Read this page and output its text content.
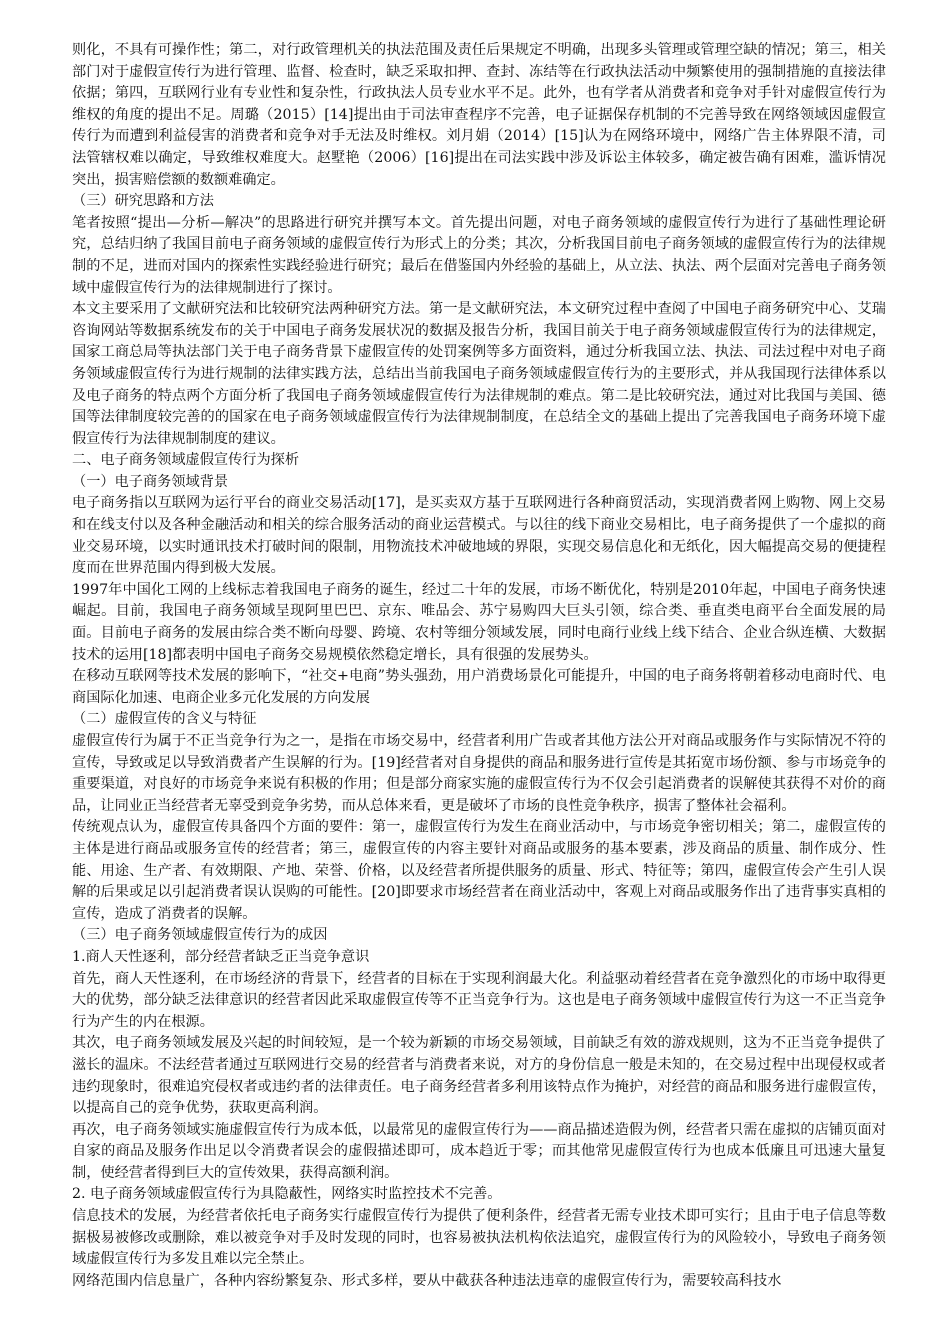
则化，不具有可操作性；第二，对行政管理机关的执法范围及责任后果规定不明确，出现多头管理或管理空缺的情况；第三，相关部门对于虚假宣传行为进行管理、监督、检查时，缺乏采取扣押、查封、冻结等在行政执法活动中频繁使用的强制措施的直接法律依据；第四，互联网行业有专业性和复杂性，行政执法人员专业水平不足。此外，也有学者从消费者和竞争对手针对虚假宣传行为维权的角度的提出不足。周璐（2015）[14]提出由于司法审查程序不完善，电子证据保存机制的不完善导致在网络领域因虚假宣传行为而遭到利益侵害的消费者和竞争对手无法及时维权。刘月娟（2014）[15]认为在网络环境中，网络广告主体界限不清，司法管辖权难以确定，导致维权难度大。赵墅艳（2006）[16]提出在司法实践中涉及诉讼主体较多，确定被告确有困难，滥诉情况突出，损害赔偿额的数额难确定。

（三）研究思路和方法

笔者按照“提出—分析—解决”的思路进行研究并撰写本文。首先提出问题，对电子商务领域的虚假宣传行为进行了基础性理论研究，总结归纳了我国目前电子商务领域的虚假宣传行为形式上的分类；其次，分析我国目前电子商务领域的虚假宣传行为的法律规制的不足，进而对国内的探索性实践经验进行研究；最后在借鉴国内外经验的基础上，从立法、执法、两个层面对完善电子商务领域中虚假宣传行为的法律规制进行了探讨。

本文主要采用了文献研究法和比较研究法两种研究方法。第一是文献研究法，本文研究过程中查阅了中国电子商务研究中心、艾瑞咨询网站等数据系统发布的关于中国电子商务发展状况的数据及报告分析，我国目前关于电子商务领域虚假宣传行为的法律规定，国家工商总局等执法部门关于电子商务背景下虚假宣传的处罚案例等多方面资料，通过分析我国立法、执法、司法过程中对电子商务领域虚假宣传行为进行规制的法律实践方法，总结出当前我国电子商务领域虚假宣传行为的主要形式，并从我国现行法律体系以及电子商务的特点两个方面分析了我国电子商务领域虚假宣传行为法律规制的难点。第二是比较研究法，通过对比我国与美国、德国等法律制度较完善的的国家在电子商务领域虚假宣传行为法律规制制度，在总结全文的基础上提出了完善我国电子商务环境下虚假宣传行为法律规制制度的建议。

二、电子商务领域虚假宣传行为探析

（一）电子商务领域背景

电子商务指以互联网为运行平台的商业交易活动[17]，是买卖双方基于互联网进行各种商贸活动，实现消费者网上购物、网上交易和在线支付以及各种金融活动和相关的综合服务活动的商业运营模式。与以往的线下商业交易相比，电子商务提供了一个虚拟的商业交易环境，以实时通讯技术打破时间的限制，用物流技术冲破地域的界限，实现交易信息化和无纸化，因大幅提高交易的便捷程度而在世界范围内得到极大发展。

1997年中国化工网的上线标志着我国电子商务的诞生，经过二十年的发展，市场不断优化，特别是2010年起，中国电子商务快速崛起。目前，我国电子商务领域呈现阿里巴巴、京东、唯品会、苏宁易购四大巨头引领，综合类、垂直类电商平台全面发展的局面。目前电子商务的发展由综合类不断向母婴、跨境、农村等细分领域发展，同时电商行业线上线下结合、企业合纵连横、大数据技术的运用[18]都表明中国电子商务交易规模依然稳定增长，具有很强的发展势头。

在移动互联网等技术发展的影响下，“社交+电商”势头强劲，用户消费场景化可能提升，中国的电子商务将朝着移动电商时代、电商国际化加速、电商企业多元化发展的方向发展

（二）虚假宣传的含义与特征

虚假宣传行为属于不正当竞争行为之一，是指在市场交易中，经营者利用广告或者其他方法公开对商品或服务作与实际情况不符的宣传，导致或足以导致消费者产生误解的行为。[19]经营者对自身提供的商品和服务进行宣传是其拓宽市场份额、参与市场竞争的重要渠道，对良好的市场竞争来说有积极的作用；但是部分商家实施的虚假宣传行为不仅会引起消费者的误解使其获得不对价的商品，让同业正当经营者无辜受到竞争劣势，而从总体来看，更是破坏了市场的良性竞争秩序，损害了整体社会福利。

传统观点认为，虚假宣传具备四个方面的要件：第一，虚假宣传行为发生在商业活动中，与市场竞争密切相关；第二，虚假宣传的主体是进行商品或服务宣传的经营者；第三，虚假宣传的内容主要针对商品或服务的基本要素，涉及商品的质量、制作成分、性能、用途、生产者、有效期限、产地、荣誉、价格，以及经营者所提供服务的质量、形式、特征等；第四，虚假宣传会产生引人误解的后果或足以引起消费者误认误购的可能性。[20]即要求市场经营者在商业活动中，客观上对商品或服务作出了违背事实真相的宣传，造成了消费者的误解。

（三）电子商务领域虚假宣传行为的成因

1.商人天性逐利，部分经营者缺乏正当竞争意识

首先，商人天性逐利，在市场经济的背景下，经营者的目标在于实现利润最大化。利益驱动着经营者在竞争激烈化的市场中取得更大的优势，部分缺乏法律意识的经营者因此采取虚假宣传等不正当竞争行为。这也是电子商务领域中虚假宣传行为这一不正当竞争行为产生的内在根源。

其次，电子商务领域发展及兴起的时间较短，是一个较为新颖的市场交易领域，目前缺乏有效的游戏规则，这为不正当竞争提供了滋长的温床。不法经营者通过互联网进行交易的经营者与消费者来说，对方的身份信息一般是未知的，在交易过程中出现侵权或者违约现象时，很难追究侵权者或违约者的法律责任。电子商务经营者多利用该特点作为掩护，对经营的商品和服务进行虚假宣传，以提高自己的竞争优势，获取更高利润。

再次，电子商务领域实施虚假宣传行为成本低，以最常见的虚假宣传行为——商品描述造假为例，经营者只需在虚拟的店铺页面对自家的商品及服务作出足以令消费者误会的虚假描述即可，成本趋近于零；而其他常见虚假宣传行为也成本低廉且可迅速大量复制，使经营者得到巨大的宣传效果，获得高额利润。

2. 电子商务领域虚假宣传行为具隐蔽性，网络实时监控技术不完善。

信息技术的发展，为经营者依托电子商务实行虚假宣传行为提供了便利条件，经营者无需专业技术即可实行；且由于电子信息等数据极易被修改或删除，难以被竞争对手及时发现的同时，也容易被执法机构依法追究，虚假宣传行为的风险较小，导致电子商务领域虚假宣传行为多发且难以完全禁止。

网络范围内信息量广，各种内容纷繁复杂、形式多样，要从中截获各种违法违章的虚假宣传行为，需要较高科技水
